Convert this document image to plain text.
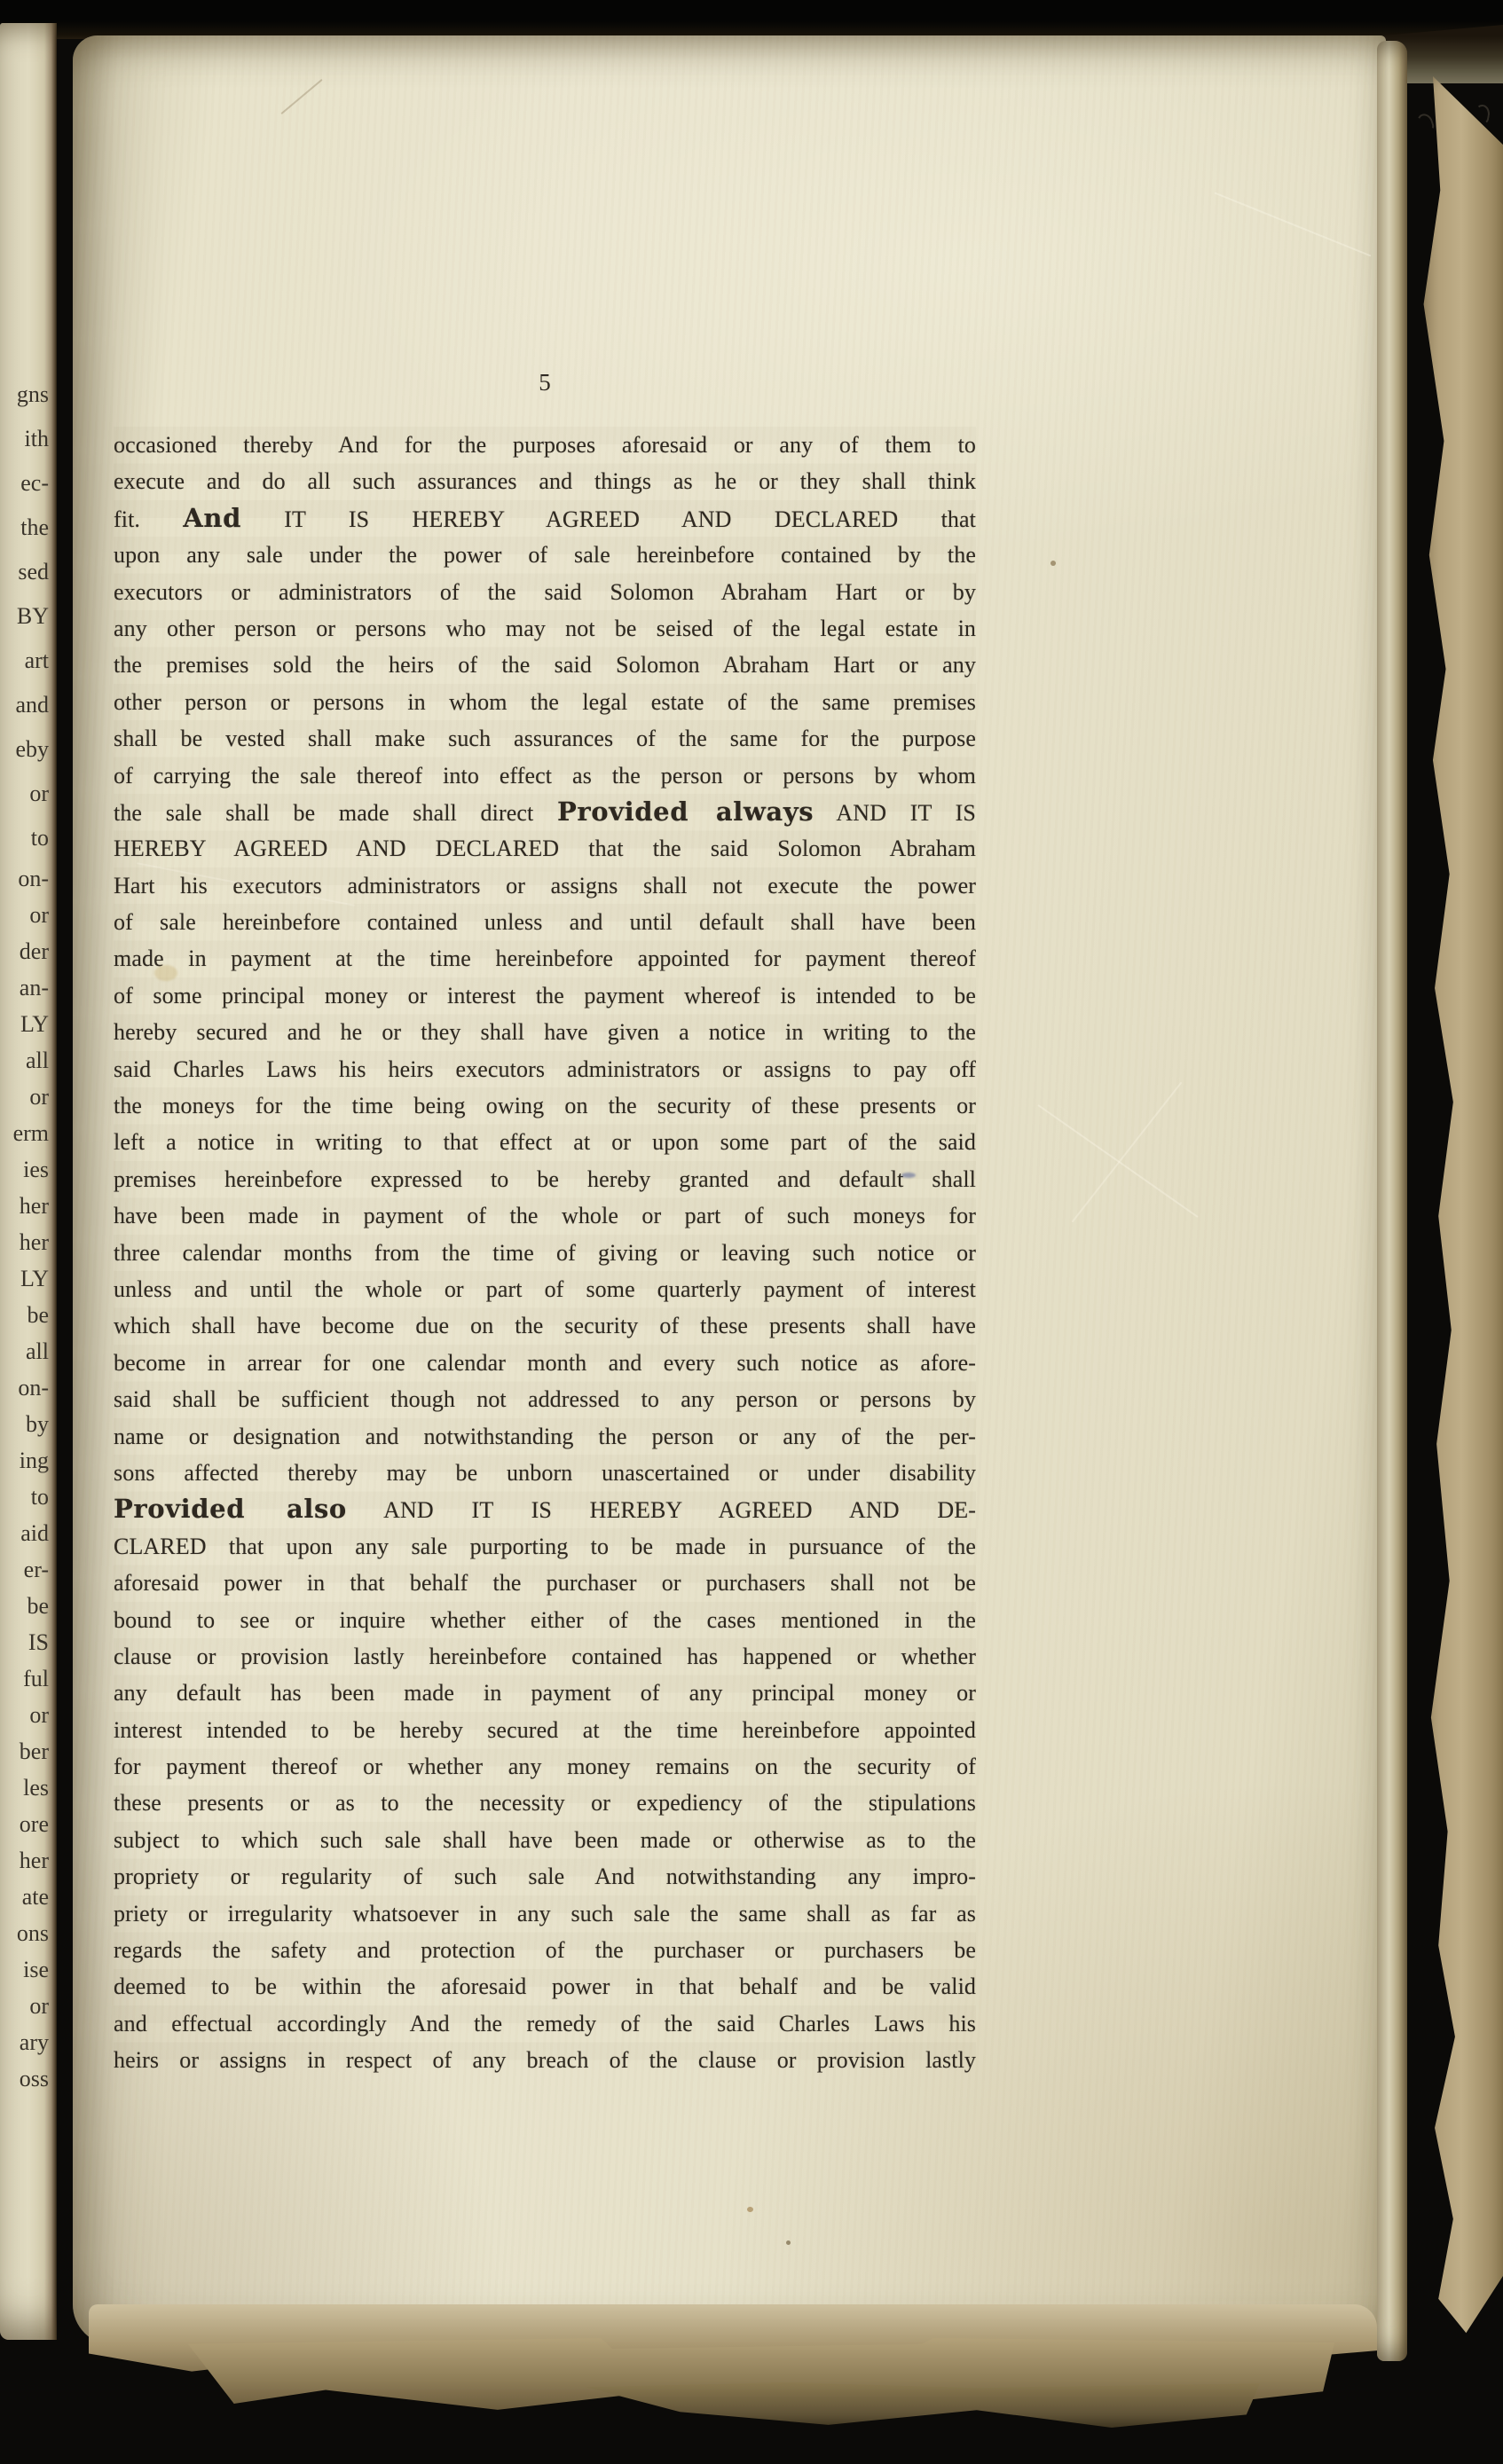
gns
ith
ec-
the
sed
BY
art
and
eby
or
to
on-
or
der
an-
LY
all
or
erm
ies
her
her
LY
be
all
on-
by
ing
to
aid
er-
be
IS
ful
or
ber
les
ore
her
ate
ons
ise
or
ary
oss
5
occasioned thereby And for the purposes aforesaid or any of them to
execute and do all such assurances and things as he or they shall think
fit. And IT IS HEREBY AGREED AND DECLARED that
upon any sale under the power of sale hereinbefore contained by the
executors or administrators of the said Solomon Abraham Hart or by
any other person or persons who may not be seised of the legal estate in
the premises sold the heirs of the said Solomon Abraham Hart or any
other person or persons in whom the legal estate of the same premises
shall be vested shall make such assurances of the same for the purpose
of carrying the sale thereof into effect as the person or persons by whom
the sale shall be made shall direct Provided always AND IT IS
HEREBY AGREED AND DECLARED that the said Solomon Abraham
Hart his executors administrators or assigns shall not execute the power
of sale hereinbefore contained unless and until default shall have been
made in payment at the time hereinbefore appointed for payment thereof
of some principal money or interest the payment whereof is intended to be
hereby secured and he or they shall have given a notice in writing to the
said Charles Laws his heirs executors administrators or assigns to pay off
the moneys for the time being owing on the security of these presents or
left a notice in writing to that effect at or upon some part of the said
premises hereinbefore expressed to be hereby granted and default shall
have been made in payment of the whole or part of such moneys for
three calendar months from the time of giving or leaving such notice or
unless and until the whole or part of some quarterly payment of interest
which shall have become due on the security of these presents shall have
become in arrear for one calendar month and every such notice as afore-
said shall be sufficient though not addressed to any person or persons by
name or designation and notwithstanding the person or any of the per-
sons affected thereby may be unborn unascertained or under disability
Provided also AND IT IS HEREBY AGREED AND DE-
CLARED that upon any sale purporting to be made in pursuance of the
aforesaid power in that behalf the purchaser or purchasers shall not be
bound to see or inquire whether either of the cases mentioned in the
clause or provision lastly hereinbefore contained has happened or whether
any default has been made in payment of any principal money or
interest intended to be hereby secured at the time hereinbefore appointed
for payment thereof or whether any money remains on the security of
these presents or as to the necessity or expediency of the stipulations
subject to which such sale shall have been made or otherwise as to the
propriety or regularity of such sale And notwithstanding any impro-
priety or irregularity whatsoever in any such sale the same shall as far as
regards the safety and protection of the purchaser or purchasers be
deemed to be within the aforesaid power in that behalf and be valid
and effectual accordingly And the remedy of the said Charles Laws his
heirs or assigns in respect of any breach of the clause or provision lastly
